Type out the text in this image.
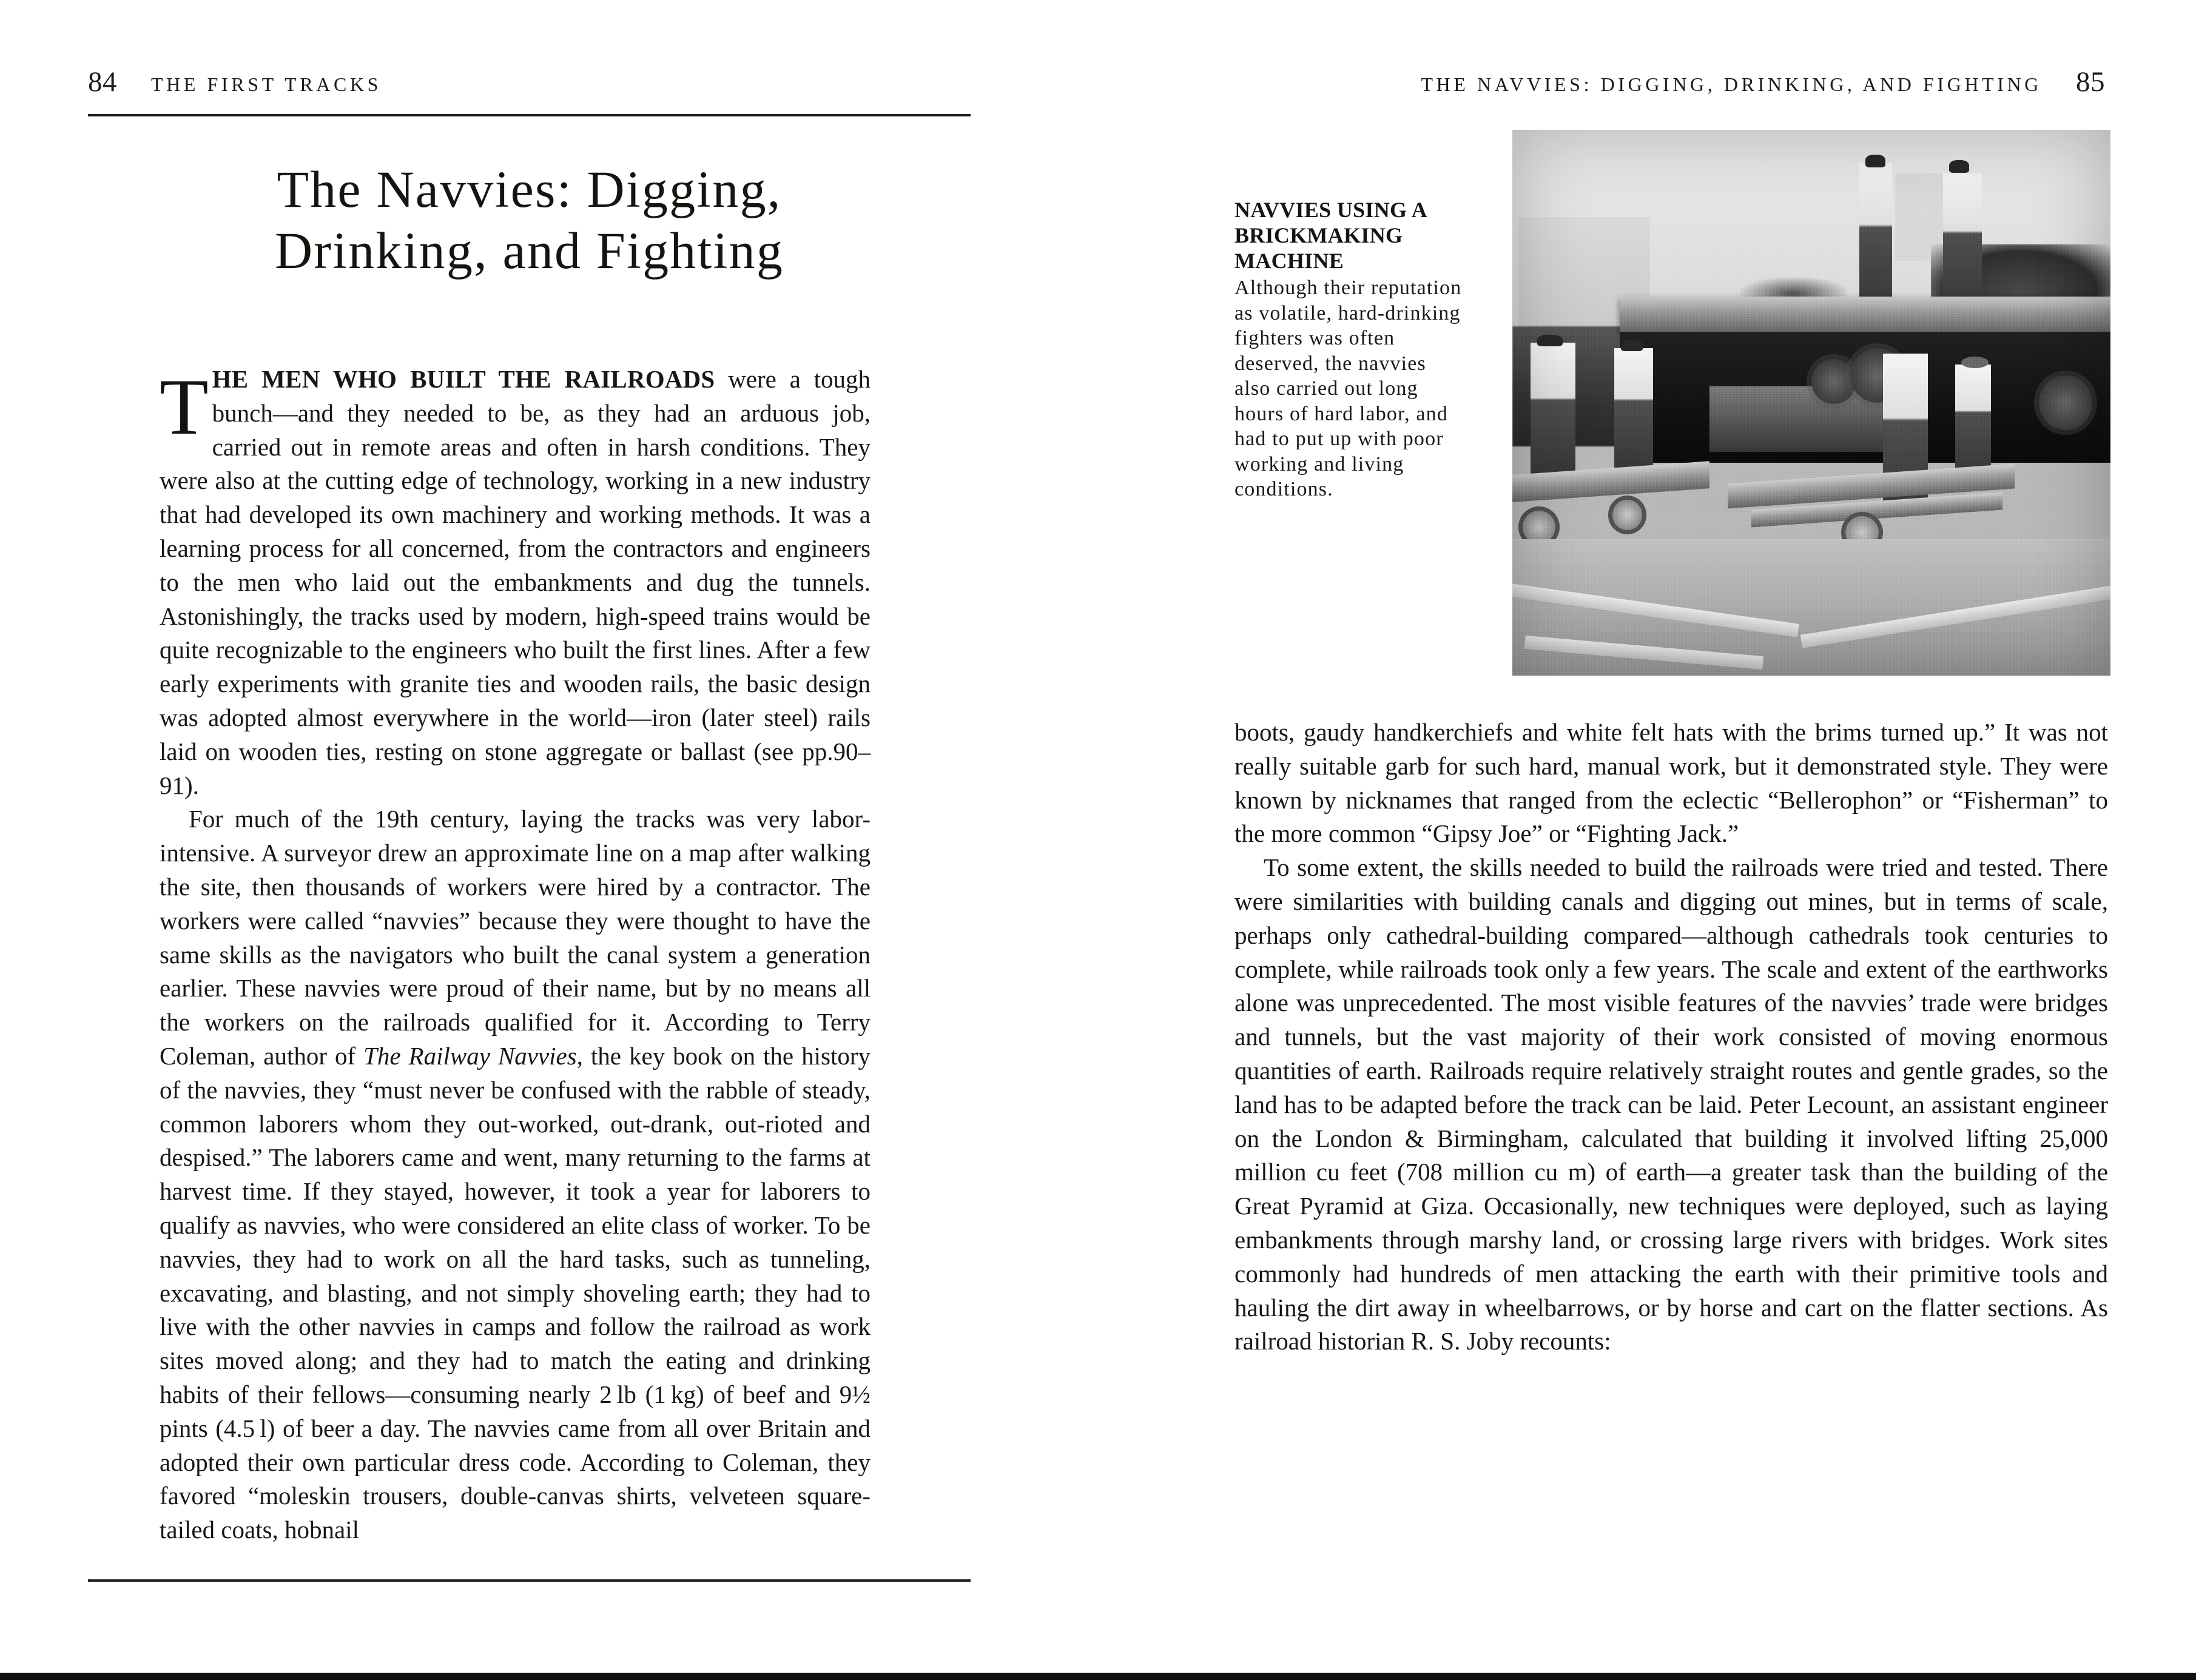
84 THE FIRST TRACKS
The Navvies: Digging,
Drinking, and Fighting

THE MEN WHO BUILT THE RAILROADS were a tough bunch—and they needed to be, as they had an arduous job, carried out in remote areas and often in harsh conditions. They were also at the cutting edge of technology, working in a new industry that had developed its own machinery and working methods. It was a learning process for all concerned, from the contractors and engineers to the men who laid out the embankments and dug the tunnels. Astonishingly, the tracks used by modern, high-speed trains would be quite recognizable to the engineers who built the first lines. After a few early experiments with granite ties and wooden rails, the basic design was adopted almost everywhere in the world—iron (later steel) rails laid on wooden ties, resting on stone aggregate or ballast (see pp.90–91).

For much of the 19th century, laying the tracks was very labor-intensive. A surveyor drew an approximate line on a map after walking the site, then thousands of workers were hired by a contractor. The workers were called “navvies” because they were thought to have the same skills as the navigators who built the canal system a generation earlier. These navvies were proud of their name, but by no means all the workers on the railroads qualified for it. According to Terry Coleman, author of The Railway Navvies, the key book on the history of the navvies, they “must never be confused with the rabble of steady, common laborers whom they out-worked, out-drank, out-rioted and despised.” The laborers came and went, many returning to the farms at harvest time. If they stayed, however, it took a year for laborers to qualify as navvies, who were considered an elite class of worker. To be navvies, they had to work on all the hard tasks, such as tunneling, excavating, and blasting, and not simply shoveling earth; they had to live with the other navvies in camps and follow the railroad as work sites moved along; and they had to match the eating and drinking habits of their fellows—consuming nearly 2 lb (1 kg) of beef and 9½ pints (4.5 l) of beer a day. The navvies came from all over Britain and adopted their own particular dress code. According to Coleman, they favored “moleskin trousers, double-canvas shirts, velveteen square-tailed coats, hobnail

THE NAVVIES: DIGGING, DRINKING, AND FIGHTING 85

NAVVIES USING A BRICKMAKING MACHINE

Although their reputation as volatile, hard-drinking fighters was often deserved, the navvies also carried out long hours of hard labor, and had to put up with poor working and living conditions.

boots, gaudy handkerchiefs and white felt hats with the brims turned up.” It was not really suitable garb for such hard, manual work, but it demonstrated style. They were known by nicknames that ranged from the eclectic “Bellerophon” or “Fisherman” to the more common “Gipsy Joe” or “Fighting Jack.”

To some extent, the skills needed to build the railroads were tried and tested. There were similarities with building canals and digging out mines, but in terms of scale, perhaps only cathedral-building compared—although cathedrals took centuries to complete, while railroads took only a few years. The scale and extent of the earthworks alone was unprecedented. The most visible features of the navvies’ trade were bridges and tunnels, but the vast majority of their work consisted of moving enormous quantities of earth. Railroads require relatively straight routes and gentle grades, so the land has to be adapted before the track can be laid. Peter Lecount, an assistant engineer on the London & Birmingham, calculated that building it involved lifting 25,000 million cu feet (708 million cu m) of earth—a greater task than the building of the Great Pyramid at Giza. Occasionally, new techniques were deployed, such as laying embankments through marshy land, or crossing large rivers with bridges. Work sites commonly had hundreds of men attacking the earth with their primitive tools and hauling the dirt away in wheelbarrows, or by horse and cart on the flatter sections. As railroad historian R. S. Joby recounts:
